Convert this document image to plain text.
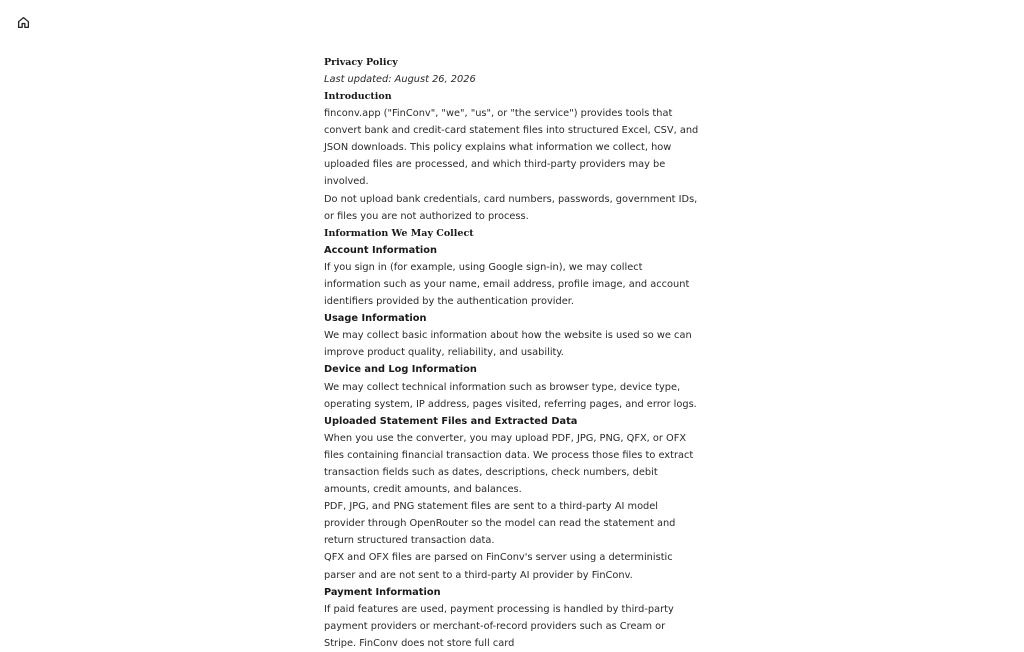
Privacy Policy
Last updated: August 26, 2026
Introduction
finconv.app ("FinConv", "we", "us", or "the service") provides tools that convert bank and credit-card statement files into structured Excel, CSV, and JSON downloads. This policy explains what information we collect, how uploaded files are processed, and which third-party providers may be involved.
Do not upload bank credentials, card numbers, passwords, government IDs, or files you are not authorized to process.
Information We May Collect
Account Information
If you sign in (for example, using Google sign-in), we may collect information such as your name, email address, profile image, and account identifiers provided by the authentication provider.
Usage Information
We may collect basic information about how the website is used so we can improve product quality, reliability, and usability.
Device and Log Information
We may collect technical information such as browser type, device type, operating system, IP address, pages visited, referring pages, and error logs.
Uploaded Statement Files and Extracted Data
When you use the converter, you may upload PDF, JPG, PNG, QFX, or OFX files containing financial transaction data. We process those files to extract transaction fields such as dates, descriptions, check numbers, debit amounts, credit amounts, and balances.
PDF, JPG, and PNG statement files are sent to a third-party AI model provider through OpenRouter so the model can read the statement and return structured transaction data.
QFX and OFX files are parsed on FinConv's server using a deterministic parser and are not sent to a third-party AI provider by FinConv.
Payment Information
If paid features are used, payment processing is handled by third-party payment providers or merchant-of-record providers such as Cream or Stripe. FinConv does not store full card
